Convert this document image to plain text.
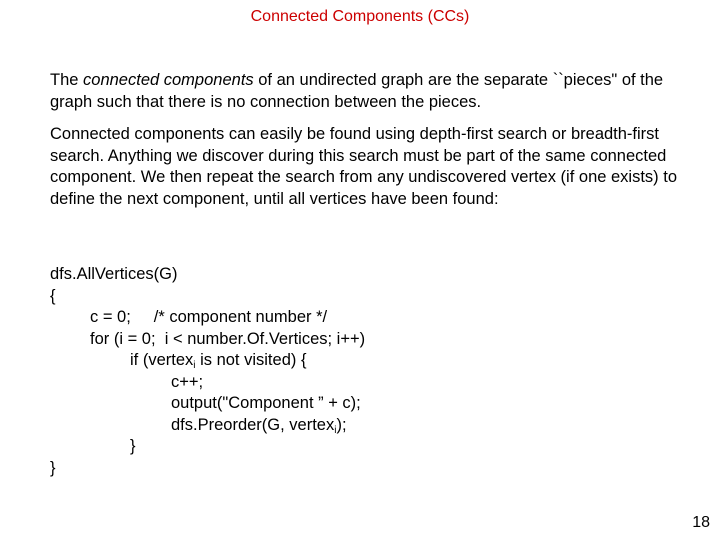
Connected Components (CCs)

The connected components of an undirected graph are the separate ``pieces" of the graph such that there is no connection between the pieces.

Connected components can easily be found using depth-first search or breadth-first search. Anything we discover during this search must be part of the same connected component. We then repeat the search from any undiscovered vertex (if one exists) to define the next component, until all vertices have been found:

dfs.AllVertices(G)
{
c = 0;     /* component number */
for (i = 0;  i < number.Of.Vertices; i++)
if (vertex$_i$ is not visited) {
c++;
output("Component ” + c);
dfs.Preorder(G, vertex$_i$);
}
}
18
